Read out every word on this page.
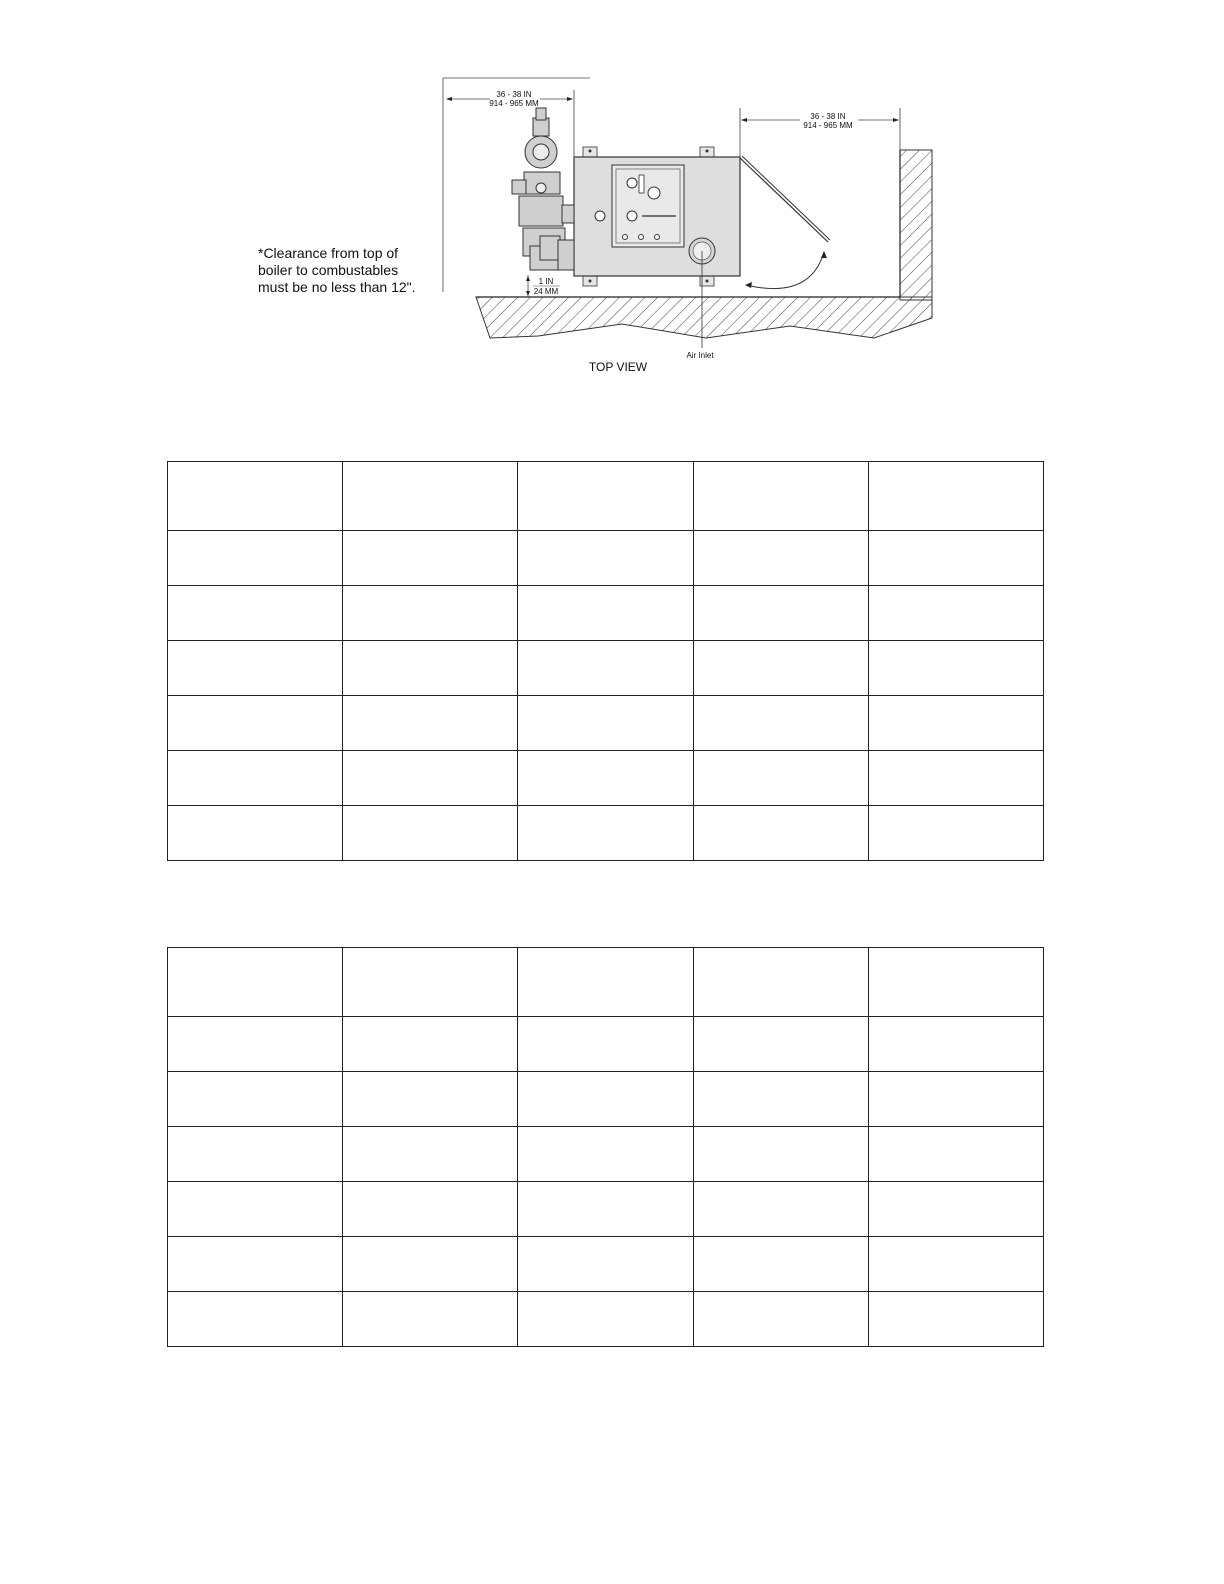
36 - 38 IN
914 - 965 MM
36 - 38 IN
914 - 965 MM
Air Inlet
1 IN
24 MM
TOP VIEW
*Clearance from top of
boiler to combustables
must be no less than 12".
